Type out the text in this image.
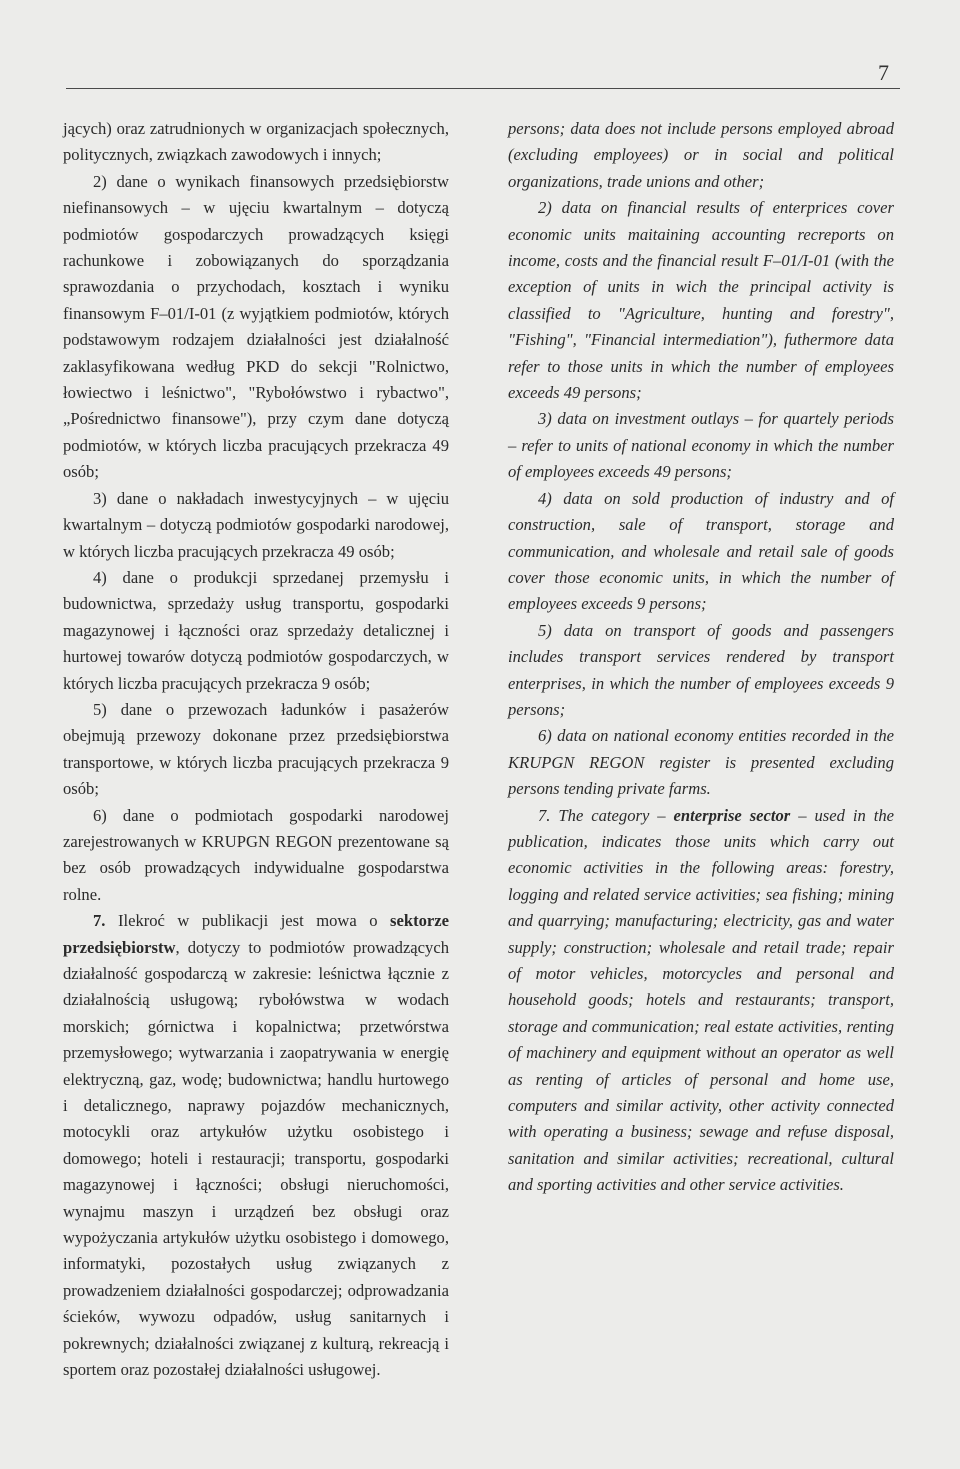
7

jących) oraz zatrudnionych w organizacjach społecznych, politycznych, związkach zawodowych i innych;

2) dane o wynikach finansowych przedsiębiorstw niefinansowych – w ujęciu kwartalnym – dotyczą podmiotów gospodarczych prowadzących księgi rachunkowe i zobowiązanych do sporządzania sprawozdania o przychodach, kosztach i wyniku finansowym F–01/I-01 (z wyjątkiem podmiotów, których podstawowym rodzajem działalności jest działalność zaklasyfikowana według PKD do sekcji "Rolnictwo, łowiectwo i leśnictwo", "Rybołówstwo i rybactwo", „Pośrednictwo finansowe"), przy czym dane dotyczą podmiotów, w których liczba pracujących przekracza 49 osób;

3) dane o nakładach inwestycyjnych – w ujęciu kwartalnym – dotyczą podmiotów gospodarki narodowej, w których liczba pracujących przekracza 49 osób;

4) dane o produkcji sprzedanej przemysłu i budownictwa, sprzedaży usług transportu, gospodarki magazynowej i łączności oraz sprzedaży detalicznej i hurtowej towarów dotyczą podmiotów gospodarczych, w których liczba pracujących przekracza 9 osób;

5) dane o przewozach ładunków i pasażerów obejmują przewozy dokonane przez przedsiębiorstwa transportowe, w których liczba pracujących przekracza 9 osób;

6) dane o podmiotach gospodarki narodowej zarejestrowanych w KRUPGN REGON prezentowane są bez osób prowadzących indywidualne gospodarstwa rolne.

7. Ilekroć w publikacji jest mowa o sektorze przedsiębiorstw, dotyczy to podmiotów prowadzących działalność gospodarczą w zakresie: leśnictwa łącznie z działalnością usługową; rybołówstwa w wodach morskich; górnictwa i kopalnictwa; przetwórstwa przemysłowego; wytwarzania i zaopatrywania w energię elektryczną, gaz, wodę; budownictwa; handlu hurtowego i detalicznego, naprawy pojazdów mechanicznych, motocykli oraz artykułów użytku osobistego i domowego; hoteli i restauracji; transportu, gospodarki magazynowej i łączności; obsługi nieruchomości, wynajmu maszyn i urządzeń bez obsługi oraz wypożyczania artykułów użytku osobistego i domowego, informatyki, pozostałych usług związanych z prowadzeniem działalności gospodarczej; odprowadzania ścieków, wywozu odpadów, usług sanitarnych i pokrewnych; działalności związanej z kulturą, rekreacją i sportem oraz pozostałej działalności usługowej.

persons; data does not include persons employed abroad (excluding employees) or in social and political organizations, trade unions and other;

2) data on financial results of enterprices cover economic units maitaining accounting recreports on income, costs and the financial result F–01/I-01 (with the exception of units in wich the principal activity is classified to "Agriculture, hunting and forestry", "Fishing", "Financial intermediation"), futhermore data refer to those units in which the number of employees exceeds 49 persons;

3) data on investment outlays – for quartely periods – refer to units of national economy in which the number of employees exceeds 49 persons;

4) data on sold production of industry and of construction, sale of transport, storage and communication, and wholesale and retail sale of goods cover those economic units, in which the number of employees exceeds 9 persons;

5) data on transport of goods and passengers includes transport services rendered by transport enterprises, in which the number of employees exceeds 9 persons;

6) data on national economy entities recorded in the KRUPGN REGON register is presented excluding persons tending private farms.

7. The category – enterprise sector – used in the publication, indicates those units which carry out economic activities in the following areas: forestry, logging and related service activities; sea fishing; mining and quarrying; manufacturing; electricity, gas and water supply; construction; wholesale and retail trade; repair of motor vehicles, motorcycles and personal and household goods; hotels and restaurants; transport, storage and communication; real estate activities, renting of machinery and equipment without an operator as well as renting of articles of personal and home use, computers and similar activity, other activity connected with operating a business; sewage and refuse disposal, sanitation and similar activities; recreational, cultural and sporting activities and other service activities.
